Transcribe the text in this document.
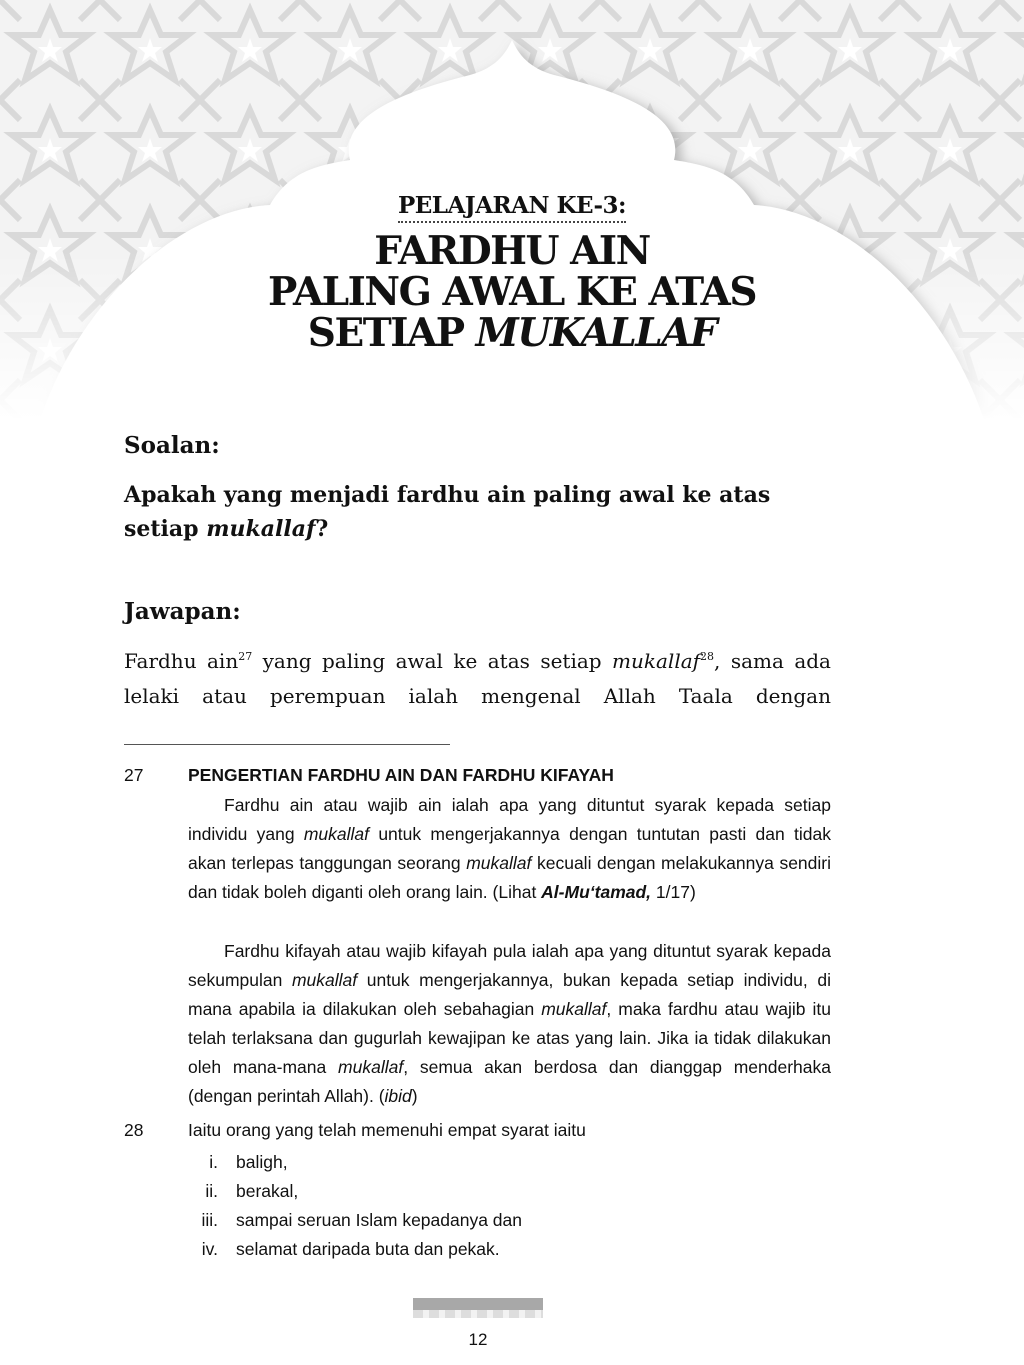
PELAJARAN KE-3:
FARDHU AIN
PALING AWAL KE ATAS
SETIAP MUKALLAF
Soalan:
Apakah yang menjadi fardhu ain paling awal ke atas setiap mukallaf?
Jawapan:
Fardhu ain$^{27}$ yang paling awal ke atas setiap mukallaf$^{28}$, sama ada lelaki atau perempuan ialah mengenal Allah Taala dengan
27	PENGERTIAN FARDHU AIN DAN FARDHU KIFAYAH
Fardhu ain atau wajib ain ialah apa yang dituntut syarak kepada setiap individu yang mukallaf untuk mengerjakannya dengan tuntutan pasti dan tidak akan terlepas tanggungan seorang mukallaf kecuali dengan melakukannya sendiri dan tidak boleh diganti oleh orang lain. (Lihat Al-Mu‘tamad, 1/17)
Fardhu kifayah atau wajib kifayah pula ialah apa yang dituntut syarak kepada sekumpulan mukallaf untuk mengerjakannya, bukan kepada setiap individu, di mana apabila ia dilakukan oleh sebahagian mukallaf, maka fardhu atau wajib itu telah terlaksana dan gugurlah kewajipan ke atas yang lain. Jika ia tidak dilakukan oleh mana-mana mukallaf, semua akan berdosa dan dianggap menderhaka (dengan perintah Allah). (ibid)
28	Iaitu orang yang telah memenuhi empat syarat iaitu
i. baligh,
ii. berakal,
iii. sampai seruan Islam kepadanya dan
iv. selamat daripada buta dan pekak.
12
